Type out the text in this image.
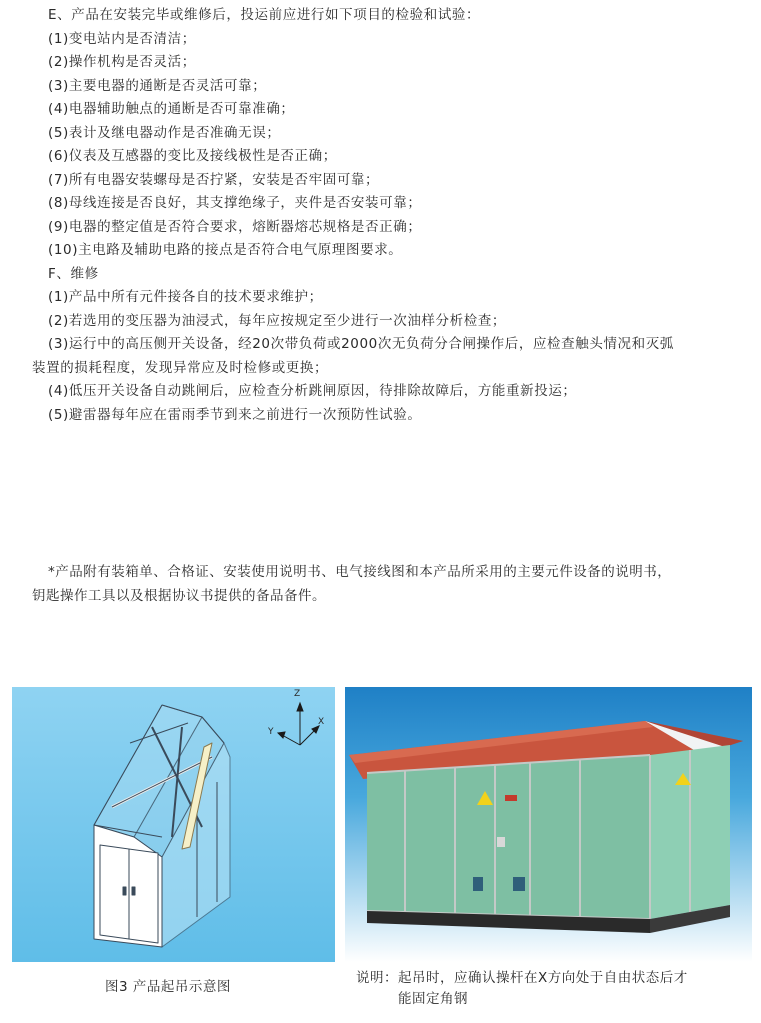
E、产品在安装完毕或维修后，投运前应进行如下项目的检验和试验：
(1)变电站内是否清洁；
(2)操作机构是否灵活；
(3)主要电器的通断是否灵活可靠；
(4)电器辅助触点的通断是否可靠准确；
(5)表计及继电器动作是否准确无误；
(6)仪表及互感器的变比及接线极性是否正确；
(7)所有电器安装螺母是否拧紧，安装是否牢固可靠；
(8)母线连接是否良好，其支撑绝缘子，夹件是否安装可靠；
(9)电器的整定值是否符合要求，熔断器熔芯规格是否正确；
(10)主电路及辅助电路的接点是否符合电气原理图要求。
F、维修
(1)产品中所有元件接各自的技术要求维护；
(2)若选用的变压器为油浸式，每年应按规定至少进行一次油样分析检查；
(3)运行中的高压侧开关设备，经20次带负荷或2000次无负荷分合闸操作后，应检查触头情况和灭弧
装置的损耗程度，发现异常应及时检修或更换；
(4)低压开关设备自动跳闸后，应检查分析跳闸原因，待排除故障后，方能重新投运；
(5)避雷器每年应在雷雨季节到来之前进行一次预防性试验。
*产品附有装箱单、合格证、安装使用说明书、电气接线图和本产品所采用的主要元件设备的说明书，
钥匙操作工具以及根据协议书提供的备品备件。
Z
X
Y
图3 产品起吊示意图
说明：起吊时，应确认操杆在X方向处于自由状态后才
能固定角钢
